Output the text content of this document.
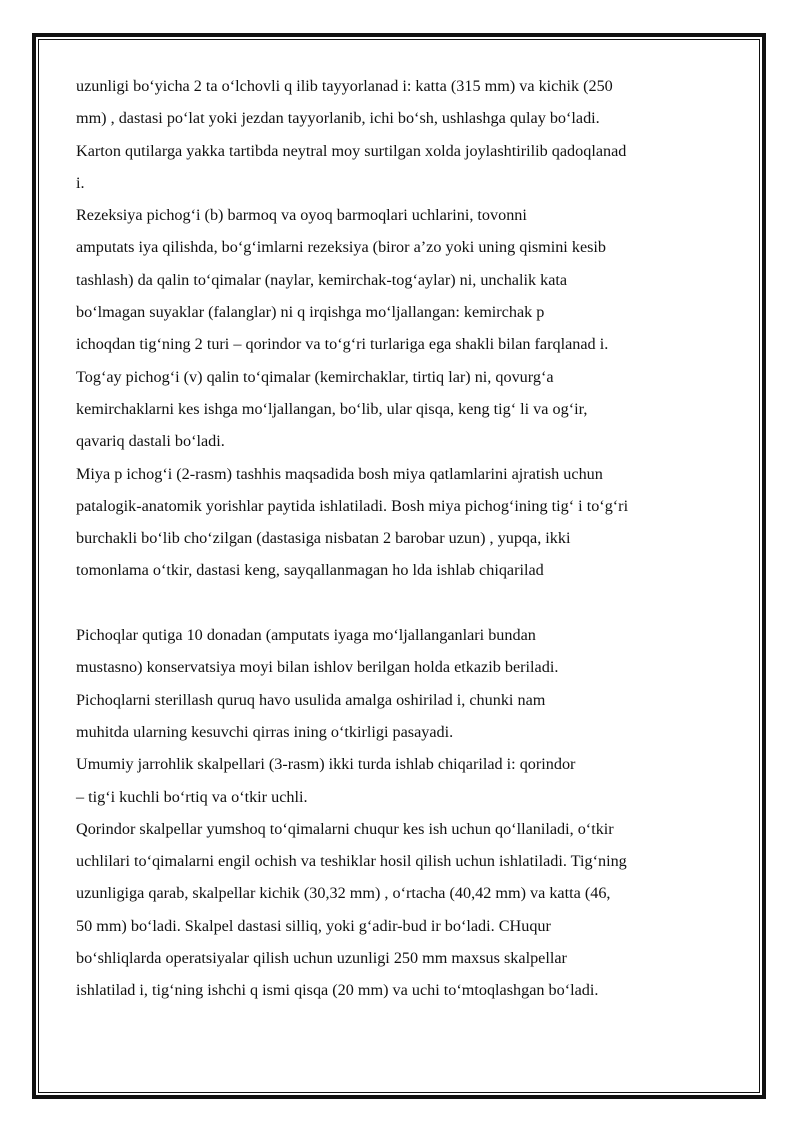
uzunligi bo‘yicha 2 ta o‘lchovli q ilib tayyorlanad i: katta (315 mm) va kichik (250
mm) , dastasi po‘lat yoki jezdan tayyorlanib, ichi bo‘sh, ushlashga qulay bo‘ladi.
Karton qutilarga yakka tartibda neytral moy surtilgan xolda joylashtirilib qadoqlanad
i.
Rezeksiya pichog‘i (b) barmoq va oyoq barmoqlari uchlarini, tovonni
amputats iya qilishda, bo‘g‘imlarni rezeksiya (biror a’zo yoki uning qismini kesib
tashlash) da qalin to‘qimalar (naylar, kemirchak-tog‘aylar) ni, unchalik kata
bo‘lmagan suyaklar (falanglar) ni q irqishga mo‘ljallangan: kemirchak p
ichoqdan tig‘ning 2 turi – qorindor va to‘g‘ri turlariga ega shakli bilan farqlanad i.
Tog‘ay pichog‘i (v) qalin to‘qimalar (kemirchaklar, tirtiq lar) ni, qovurg‘a
kemirchaklarni kes ishga mo‘ljallangan, bo‘lib, ular qisqa, keng tig‘ li va og‘ir,
qavariq dastali bo‘ladi.
Miya p ichog‘i (2-rasm) tashhis maqsadida bosh miya qatlamlarini ajratish uchun
patalogik-anatomik yorishlar paytida ishlatiladi. Bosh miya pichog‘ining tig‘ i to‘g‘ri
burchakli bo‘lib cho‘zilgan (dastasiga nisbatan 2 barobar uzun) , yupqa, ikki
tomonlama o‘tkir, dastasi keng, sayqallanmagan ho lda ishlab chiqarilad
Pichoqlar qutiga 10 donadan (amputats iyaga mo‘ljallanganlari bundan
mustasno) konservatsiya moyi bilan ishlov berilgan holda etkazib beriladi.
Pichoqlarni sterillash quruq havo usulida amalga oshirilad i, chunki nam
muhitda ularning kesuvchi qirras ining o‘tkirligi pasayadi.
Umumiy jarrohlik skalpellari (3-rasm) ikki turda ishlab chiqarilad i: qorindor
– tig‘i kuchli bo‘rtiq va o‘tkir uchli.
Qorindor skalpellar yumshoq to‘qimalarni chuqur kes ish uchun qo‘llaniladi, o‘tkir
uchlilari to‘qimalarni engil ochish va teshiklar hosil qilish uchun ishlatiladi. Tig‘ning
uzunligiga qarab, skalpellar kichik (30,32 mm) , o‘rtacha (40,42 mm) va katta (46,
50 mm) bo‘ladi. Skalpel dastasi silliq, yoki g‘adir-bud ir bo‘ladi. CHuqur
bo‘shliqlarda operatsiyalar qilish uchun uzunligi 250 mm maxsus skalpellar
ishlatilad i, tig‘ning ishchi q ismi qisqa (20 mm) va uchi to‘mtoqlashgan bo‘ladi.
